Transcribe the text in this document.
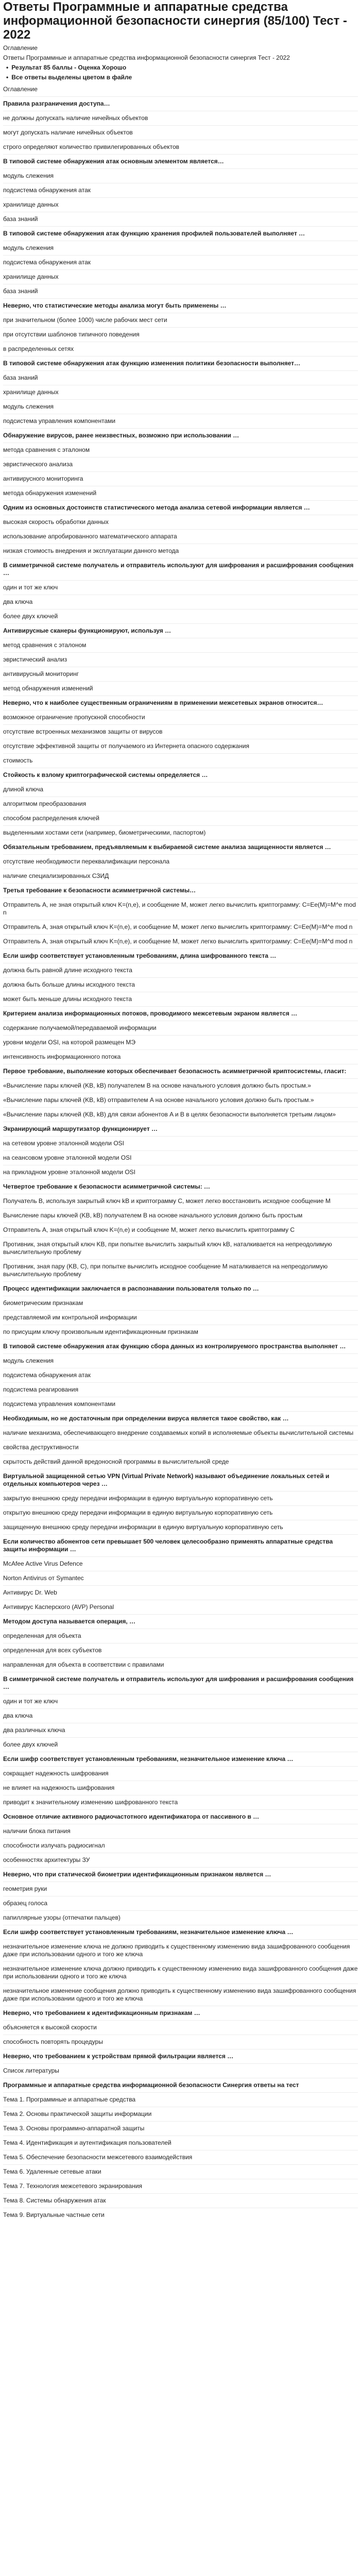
Ответы Программные и аппаратные средства информационной безопасности синергия (85/100) Тест - 2022

Оглавление

Ответы Программные и аппаратные средства информационной безопасности синергия Тест - 2022

• Результат 85 баллы - Оценка Хорошо

• Все ответы выделены цветом в файле

Оглавление

Правила разграничения доступа…

не должны допускать наличие ничейных объектов

могут допускать наличие ничейных объектов

строго определяют количество привилегированных объектов

В типовой системе обнаружения атак основным элементом является…

модуль слежения

подсистема обнаружения атак

хранилище данных

база знаний

В типовой системе обнаружения атак функцию хранения профилей пользователей выполняет …

модуль слежения

подсистема обнаружения атак

хранилище данных

база знаний

Неверно, что статистические методы анализа могут быть применены …

при значительном (более 1000) числе рабочих мест сети

при отсутствии шаблонов типичного поведения

в распределенных сетях

В типовой системе обнаружения атак функцию изменения политики безопасности выполняет…

база знаний

хранилище данных

модуль слежения

подсистема управления компонентами

Обнаружение вирусов, ранее неизвестных, возможно при использовании …

метода сравнения с эталоном

эвристического анализа

антивирусного мониторинга

метода обнаружения изменений

Одним из основных достоинств статистического метода анализа сетевой информации является …

высокая скорость обработки данных

использование апробированного математического аппарата

низкая стоимость внедрения и эксплуатации данного метода

В симметричной системе получатель и отправитель используют для шифрования и расшифрования сообщения …

один и тот же ключ

два ключа

более двух ключей

Антивирусные сканеры функционируют, используя …

метод сравнения с эталоном

эвристический анализ

антивирусный мониторинг

метод обнаружения изменений

Неверно, что к наиболее существенным ограничениям в применении межсетевых экранов относится…

возможное ограничение пропускной способности

отсутствие встроенных механизмов защиты от вирусов

отсутствие эффективной защиты от получаемого из Интернета опасного содержания

стоимость

Стойкость к взлому криптографической системы определяется …

длиной ключа

алгоритмом преобразования

способом распределения ключей

выделенными хостами сети (например, биометрическими, паспортом)

Обязательным требованием, предъявляемым к выбираемой системе анализа защищенности является …

отсутствие необходимости переквалификации персонала

наличие специализированных СЗИД

Третья требование к безопасности асимметричной системы…

Отправитель A, не зная открытый ключ K=(n,e), и сообщение M, может легко вычислить криптограмму: C=Ee(M)=M^e mod n

Отправитель A, зная открытый ключ K=(n,e), и сообщение M, может легко вычислить криптограмму: C=Ee(M)=M^e mod n

Отправитель A, зная открытый ключ K=(n,e), и сообщение M, может легко вычислить криптограмму: C=Ee(M)=M^d mod n

Если шифр соответствует установленным требованиям, длина шифрованного текста …

должна быть равной длине исходного текста

должна быть больше длины исходного текста

может быть меньше длины исходного текста

Критерием анализа информационных потоков, проводимого межсетевым экраном является …

содержание получаемой/передаваемой информации

уровни модели OSI, на которой размещен МЭ

интенсивность информационного потока

Первое требование, выполнение которых обеспечивает безопасность асимметричной криптосистемы, гласит:

«Вычисление пары ключей (KB, kB) получателем B на основе начального условия должно быть простым.»

«Вычисление пары ключей (KB, kB) отправителем A на основе начального условия должно быть простым.»

«Вычисление пары ключей (KB, kB) для связи абонентов A и B в целях безопасности выполняется третьим лицом»

Экранирующий маршрутизатор функционирует …

на сетевом уровне эталонной модели OSI

на сеансовом уровне эталонной модели OSI

на прикладном уровне эталонной модели OSI

Четвертое требование к безопасности асимметричной системы: …

Получатель B, используя закрытый ключ kB и криптограмму C, может легко восстановить исходное сообщение M

Вычисление пары ключей (KB, kB) получателем B на основе начального условия должно быть простым

Отправитель A, зная открытый ключ K=(n,e) и сообщение M, может легко вычислить криптограмму C

Противник, зная открытый ключ KB, при попытке вычислить закрытый ключ kB, наталкивается на непреодолимую вычислительную проблему

Противник, зная пару (KB, C), при попытке вычислить исходное сообщение M наталкивается на непреодолимую вычислительную проблему

Процесс идентификации заключается в распознавании пользователя только по …

биометрическим признакам

представляемой им контрольной информации

по присущим ключу произвольным идентификационным признакам

В типовой системе обнаружения атак функцию сбора данных из контролируемого пространства выполняет …

модуль слежения

подсистема обнаружения атак

подсистема реагирования

подсистема управления компонентами

Необходимым, но не достаточным при определении вируса является такое свойство, как …

наличие механизма, обеспечивающего внедрение создаваемых копий в исполняемые объекты вычислительной системы

свойства деструктивности

скрытость действий данной вредоносной программы в вычислительной среде

Виртуальной защищенной сетью VPN (Virtual Private Network) называют объединение локальных сетей и отдельных компьютеров через …

закрытую внешнюю среду передачи информации в единую виртуальную корпоративную сеть

открытую внешнюю среду передачи информации в единую виртуальную корпоративную сеть

защищенную внешнюю среду передачи информации в единую виртуальную корпоративную сеть

Если количество абонентов сети превышает 500 человек целесообразно применять аппаратные средства защиты информации …

McAfee Active Virus Defence

Norton Antivirus от Symantec

Антивирус Dr. Web

Антивирус Касперского (AVP) Personal

Методом доступа называется операция, …

определенная для объекта

определенная для всех субъектов

направленная для объекта в соответствии с правилами

В симметричной системе получатель и отправитель используют для шифрования и расшифрования сообщения …

один и тот же ключ

два ключа

два различных ключа

более двух ключей

Если шифр соответствует установленным требованиям, незначительное изменение ключа …

сокращает надежность шифрования

не влияет на надежность шифрования

приводит к значительному изменению шифрованного текста

Основное отличие активного радиочастотного идентификатора от пассивного в …

наличии блока питания

способности излучать радиосигнал

особенностях архитектуры ЗУ

Неверно, что при статической биометрии идентификационным признаком является …

геометрия руки

образец голоса

папиллярные узоры (отпечатки пальцев)

Если шифр соответствует установленным требованиям, незначительное изменение ключа …

незначительное изменение ключа не должно приводить к существенному изменению вида зашифрованного сообщения даже при использовании одного и того же ключа

незначительное изменение ключа должно приводить к существенному изменению вида зашифрованного сообщения даже при использовании одного и того же ключа

незначительное изменение сообщения должно приводить к существенному изменению вида зашифрованного сообщения даже при использовании одного и того же ключа

Неверно, что требованием к идентификационным признакам …

объясняется к высокой скорости

способность повторять процедуры

Неверно, что требованием к устройствам прямой фильтрации является …

Список литературы

Программные и аппаратные средства информационной безопасности Синергия ответы на тест

Тема 1. Программные и аппаратные средства

Тема 2. Основы практической защиты информации

Тема 3. Основы программно-аппаратной защиты

Тема 4. Идентификация и аутентификация пользователей

Тема 5. Обеспечение безопасности межсетевого взаимодействия

Тема 6. Удаленные сетевые атаки

Тема 7. Технология межсетевого экранирования

Тема 8. Системы обнаружения атак

Тема 9. Виртуальные частные сети
